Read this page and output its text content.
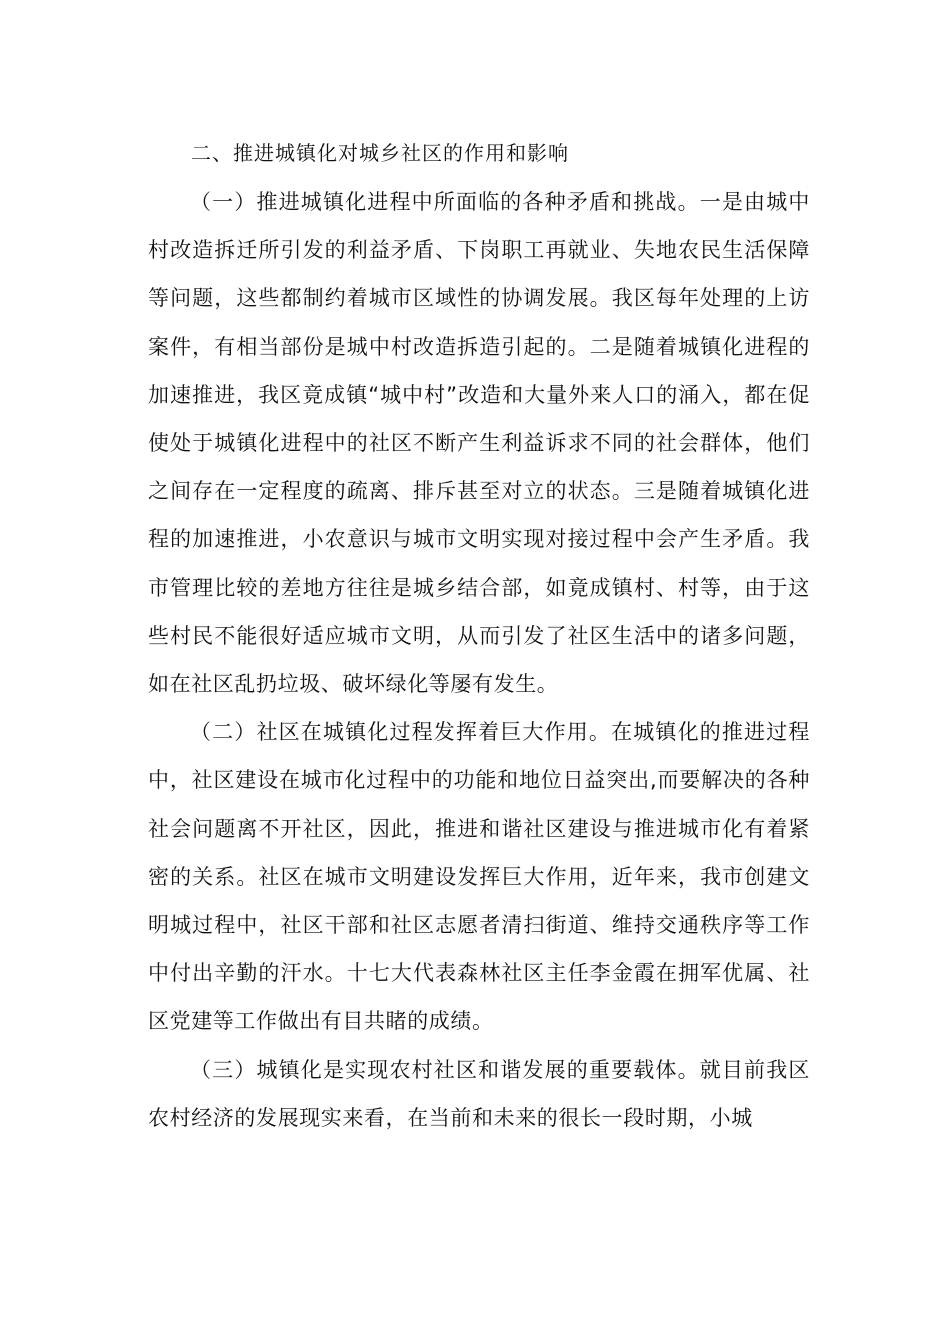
二、推进城镇化对城乡社区的作用和影响

（一）推进城镇化进程中所面临的各种矛盾和挑战。一是由城中村改造拆迁所引发的利益矛盾、下岗职工再就业、失地农民生活保障等问题，这些都制约着城市区域性的协调发展。我区每年处理的上访案件，有相当部份是城中村改造拆造引起的。二是随着城镇化进程的加速推进，我区竟成镇“城中村”改造和大量外来人口的涌入，都在促使处于城镇化进程中的社区不断产生利益诉求不同的社会群体，他们之间存在一定程度的疏离、排斥甚至对立的状态。三是随着城镇化进程的加速推进，小农意识与城市文明实现对接过程中会产生矛盾。我市管理比较的差地方往往是城乡结合部，如竟成镇村、村等，由于这些村民不能很好适应城市文明，从而引发了社区生活中的诸多问题，如在社区乱扔垃圾、破坏绿化等屡有发生。

（二）社区在城镇化过程发挥着巨大作用。在城镇化的推进过程中，社区建设在城市化过程中的功能和地位日益突出,而要解决的各种社会问题离不开社区，因此，推进和谐社区建设与推进城市化有着紧密的关系。社区在城市文明建设发挥巨大作用，近年来，我市创建文明城过程中，社区干部和社区志愿者清扫街道、维持交通秩序等工作中付出辛勤的汗水。十七大代表森林社区主任李金霞在拥军优属、社区党建等工作做出有目共睹的成绩。

（三）城镇化是实现农村社区和谐发展的重要载体。就目前我区农村经济的发展现实来看，在当前和未来的很长一段时期，小城
